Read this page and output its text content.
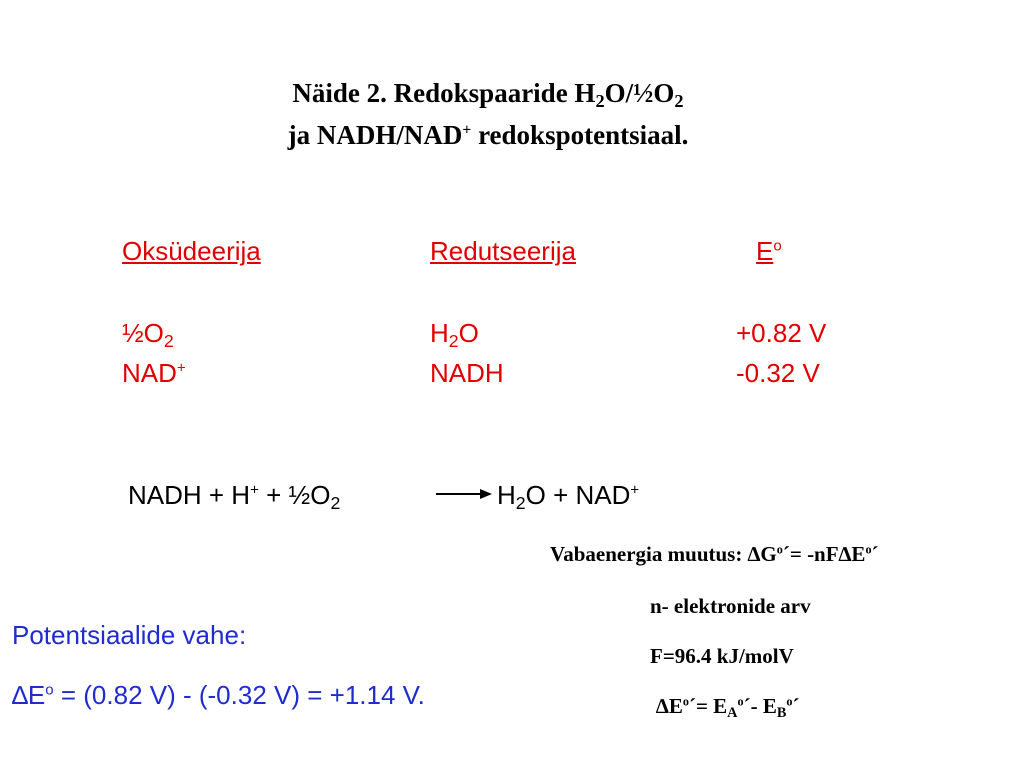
Näide 2. Redokspaaride $H_2O/\frac{1}{2}O_2$
ja NADH/NAD+ redokspotentsiaal.
Oksüdeerija	Redutseerija	$E^o$
$\frac{1}{2}O_2$	$H_2O$	+0.82 V
NAD+	NADH	-0.32 V
NADH + $H^+ + \frac{1}{2}O_2$	→ $H_2O + NAD^+$
Vabaenergia muutus: $\Delta G^o´=$ $-nF\Delta E^o´$
n- elektronide arv
F=96.4 kJ/molV
$\Delta E^o´=$ $E_A^o´-$ $E_B^o´$
Potentsiaalide vahe:
$\Delta E^o = (0.82$ V) - (-0.32 V) = +1.14 V.
